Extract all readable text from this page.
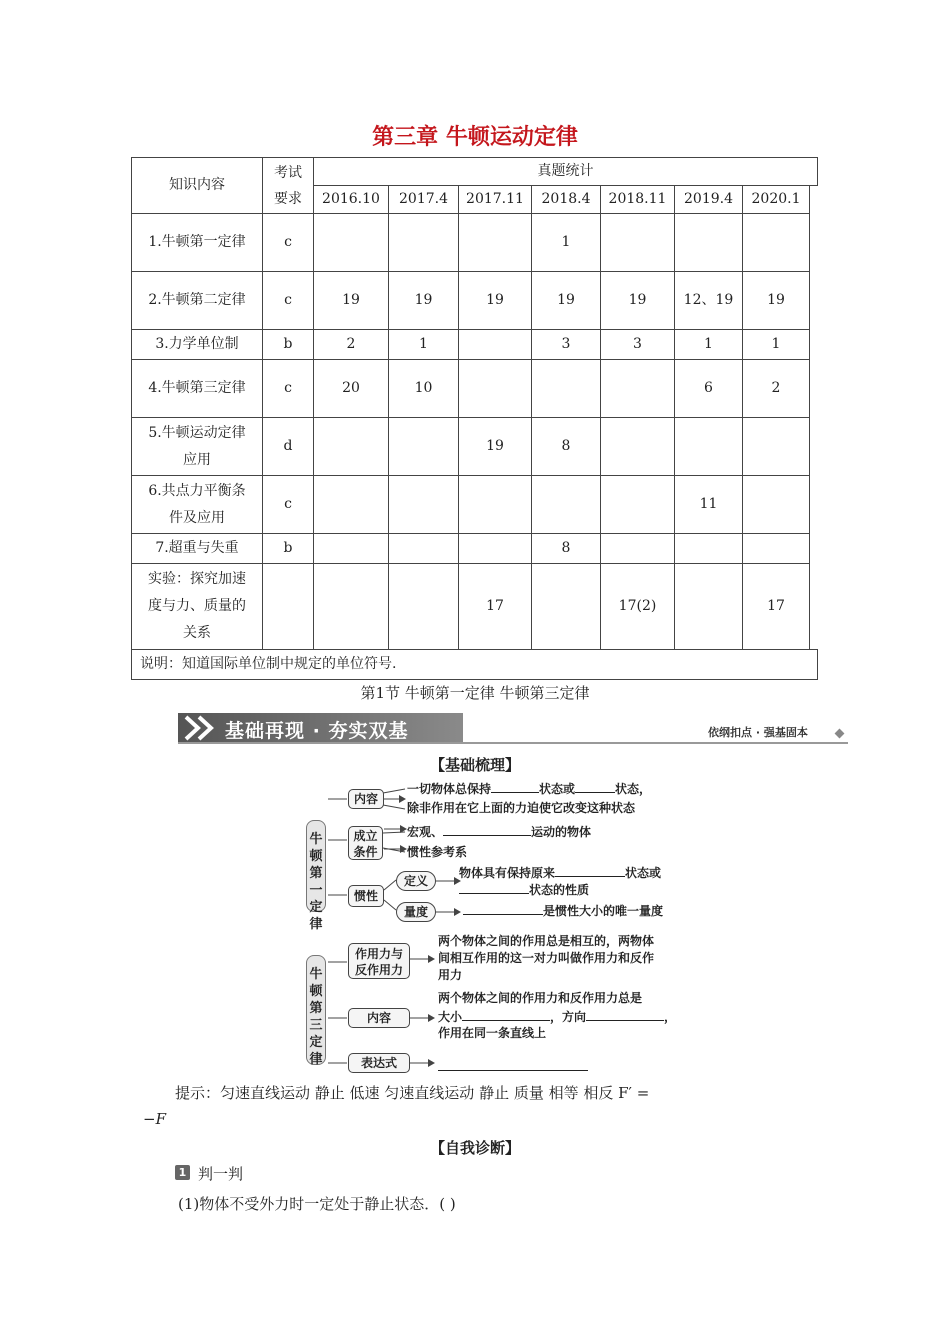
第三章 牛顿运动定律
知识内容	考试要求	真题统计							
		2016.10	2017.4	2017.11	2018.4	2018.11	2019.4	2020.1	
1.牛顿第一定律	c				1				
2.牛顿第二定律	c	19	19	19	19	19	12、19	19	
3.力学单位制	b	2	1		3	3	1	1	
4.牛顿第三定律	c	20	10				6	2	
5.牛顿运动定律应用	d			19	8				
6.共点力平衡条件及应用	c						11		
7.超重与失重	b				8				
实验：探究加速度与力、质量的关系				17		17(2)		17	
说明：知道国际单位制中规定的单位符号.									
第1节 牛顿第一定律 牛顿第三定律
基础再现 · 夯实双基	依纲扣点 · 强基固本
【基础梳理】
牛顿第一定律
内容
一切物体总保持	状态或	状态，
除非作用在它上面的力迫使它改变这种状态
成立条件
宏观、	运动的物体
惯性参考系
惯性
定义
量度
物体具有保持原来	状态或
状态的性质
是惯性大小的唯一量度
牛顿第三定律
作用力与反作用力
两个物体之间的作用总是相互的，两物体
间相互作用的这一对力叫做作用力和反作
用力
内容
两个物体之间的作用力和反作用力总是
大小	，方向	，
作用在同一条直线上
表达式
提示：匀速直线运动 静止 低速 匀速直线运动 静止 质量 相等 相反 F′ =
−F
【自我诊断】
1 判一判
(1)物体不受外力时一定处于静止状态．( )
